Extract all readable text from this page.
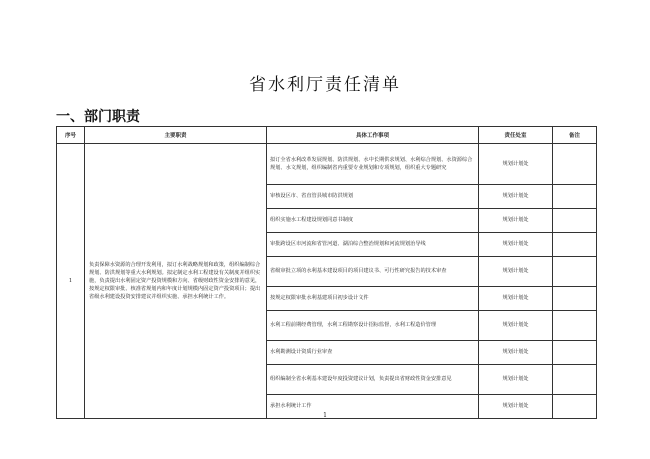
省水利厅责任清单
一、部门职责
序号	主要职责	具体工作事项	责任处室	备注
1	负责保障水资源的合理开发利用，拟订水利战略规划和政策，组织编制综合规划、防洪规划等重大水利规划。拟定制定水利工程建设有关制度并组织实施，负责提出水利固定资产投资规模和方向、省级财政性资金安排的意见，按规定权限审批、核准省规划内和年度计划规模内固定资产投资项目；提出省级水利建设投资安排建议并组织实施、承担水利统计工作。	拟订全省水利改革发展规划、防洪规划、水中长期供求规划、水利综合规划、水资源综合规划、水文规划，组织编制省内重要专业规划和专项规划，组织重大专题研究	规划计划处	
		审核设区市、省直管县城市防洪规划	规划计划处	
		组织实施水工程建设规划同意书制度	规划计划处	
		审批跨设区市河流和省管河道、湖泊综合整治规划和河流规划治导线	规划计划处	
		省级审批立项的水利基本建设项目的项目建议书、可行性研究报告的技术审查	规划计划处	
		按规定权限审批水利基建项目初步设计文件	规划计划处	
		水利工程前期经费管理，水利工程勘察设计招标监督，水利工程造价管理	规划计划处	
		水利勘测设计资质行业审查	规划计划处	
		组织编制全省水利基本建设年度投资建议计划，负责提出省财政性资金安排意见	规划计划处	
		承担水利统计工作	规划计划处	
1
